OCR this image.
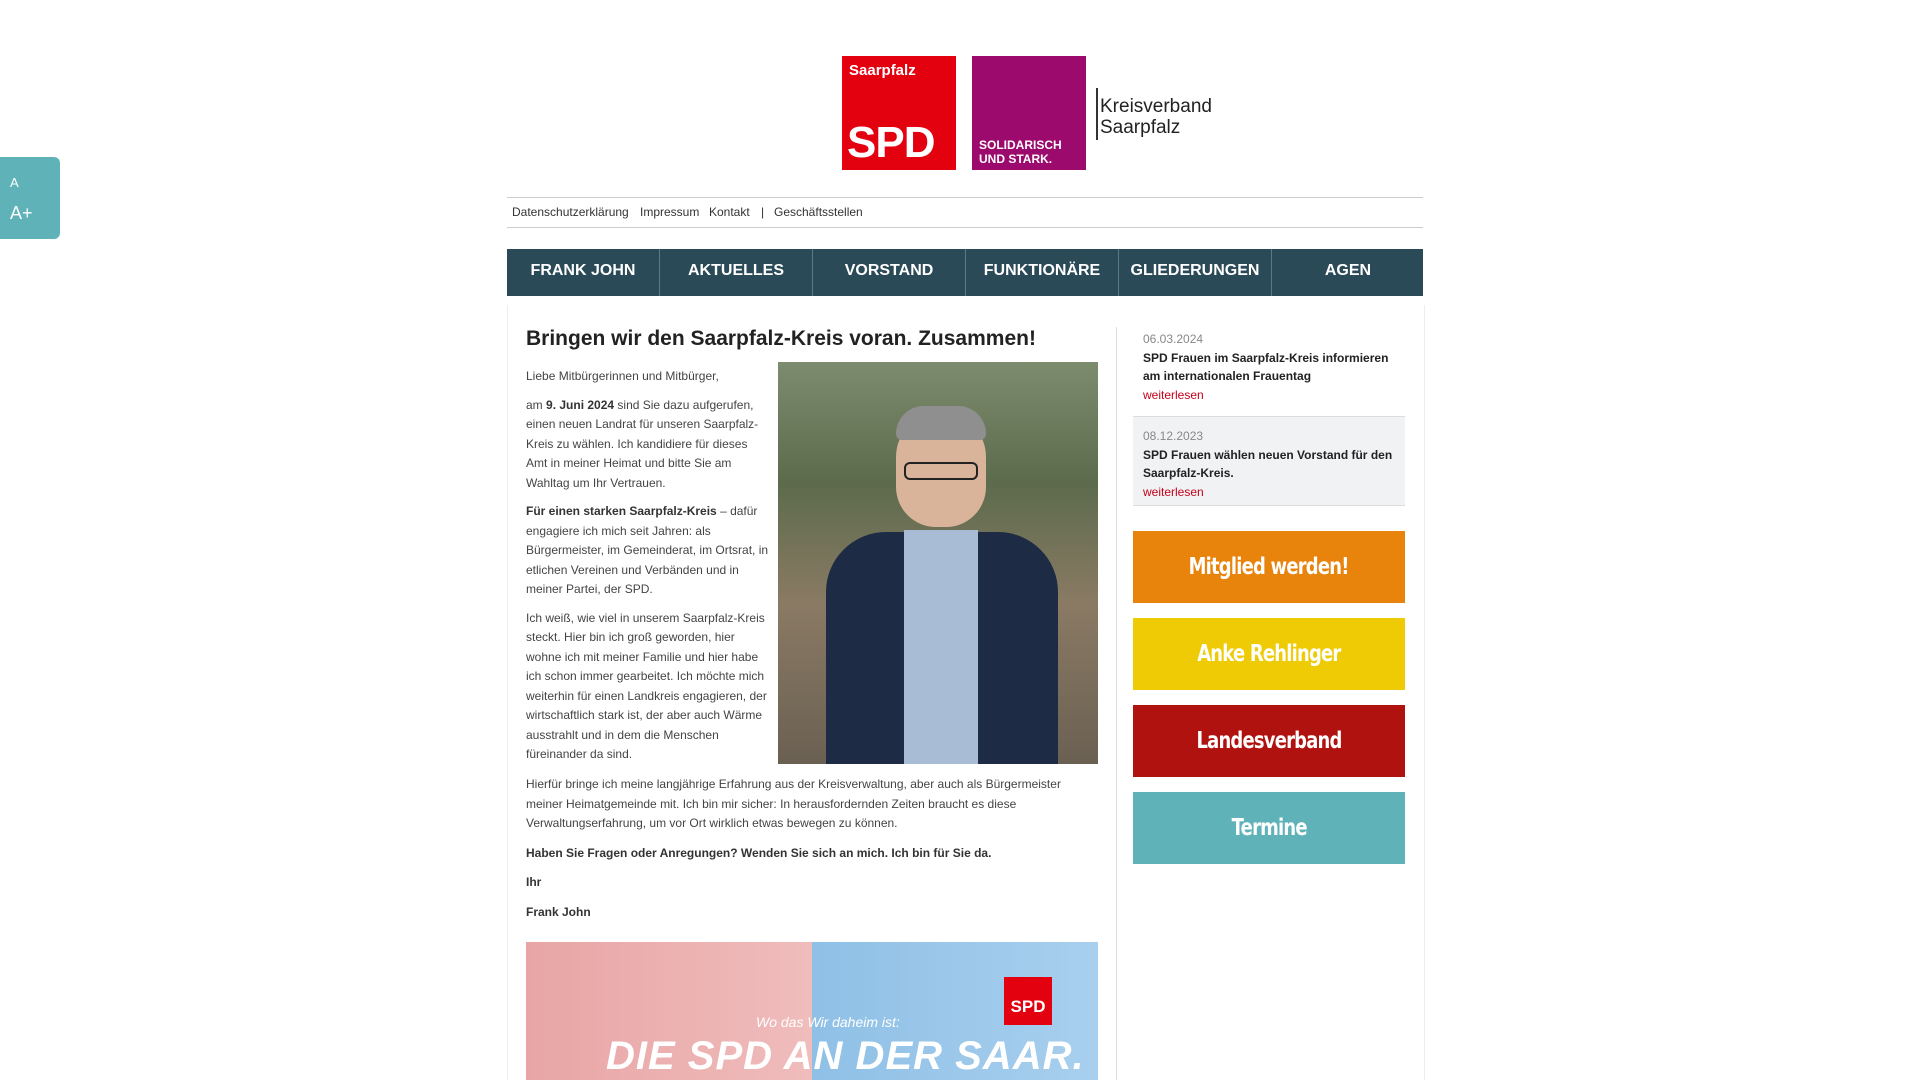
A
A+
Saarpfalz
SPD	SOLIDARISCH
UND STARK.
Kreisverband
Saarpfalz
Datenschutzerklärung Impressum Kontakt | Geschäftsstellen
FRANK JOHN	AKTUELLES	VORSTAND	FUNKTIONÄRE	GLIEDERUNGEN	AGEN
Bringen wir den Saarpfalz-Kreis voran. Zusammen!

Liebe Mitbürgerinnen und Mitbürger,

am 9. Juni 2024 sind Sie dazu aufgerufen, einen neuen Landrat für unseren Saarpfalz-Kreis zu wählen. Ich kandidiere für dieses Amt in meiner Heimat und bitte Sie am Wahltag um Ihr Vertrauen.

Für einen starken Saarpfalz-Kreis – dafür engagiere ich mich seit Jahren: als Bürgermeister, im Gemeinderat, im Ortsrat, in etlichen Vereinen und Verbänden und in meiner Partei, der SPD.

Ich weiß, wie viel in unserem Saarpfalz-Kreis steckt. Hier bin ich groß geworden, hier wohne ich mit meiner Familie und hier habe ich schon immer gearbeitet. Ich möchte mich weiterhin für einen Landkreis engagieren, der wirtschaftlich stark ist, der aber auch Wärme ausstrahlt und in dem die Menschen füreinander da sind.

Hierfür bringe ich meine langjährige Erfahrung aus der Kreisverwaltung, aber auch als Bürgermeister meiner Heimatgemeinde mit. Ich bin mir sicher: In herausfordernden Zeiten braucht es diese Verwaltungserfahrung, um vor Ort wirklich etwas bewegen zu können.

Haben Sie Fragen oder Anregungen? Wenden Sie sich an mich. Ich bin für Sie da.

Ihr

Frank John

Wo das Wir daheim ist:
DIE SPD AN DER SAAR.
SPD
06.03.2024
SPD Frauen im Saarpfalz-Kreis informieren am internationalen Frauentag
weiterlesen
08.12.2023
SPD Frauen wählen neuen Vorstand für den Saarpfalz-Kreis.
weiterlesen
Mitglied werden!
Anke Rehlinger
Landesverband
Termine
